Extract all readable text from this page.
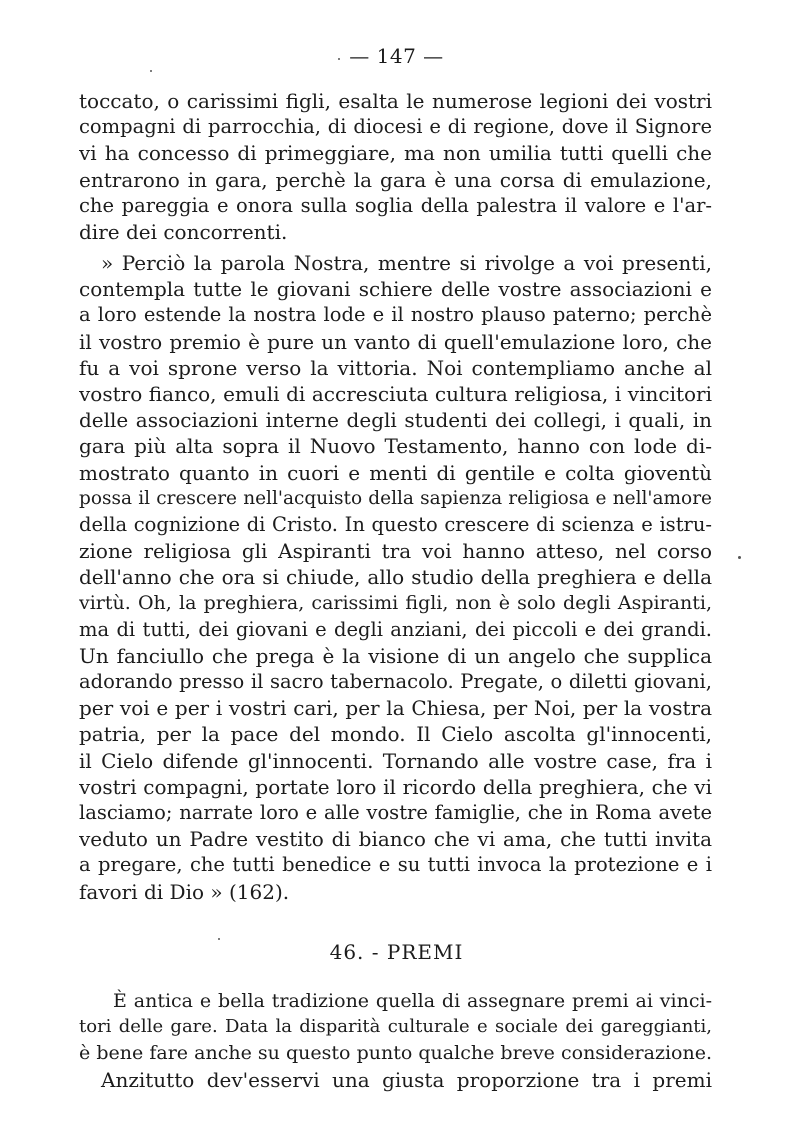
— 147 —
toccato, o carissimi figli, esalta le numerose legioni dei vostri
compagni di parrocchia, di diocesi e di regione, dove il Signore
vi ha concesso di primeggiare, ma non umilia tutti quelli che
entrarono in gara, perchè la gara è una corsa di emulazione,
che pareggia e onora sulla soglia della palestra il valore e l'ar-
dire dei concorrenti.
» Perciò la parola Nostra, mentre si rivolge a voi presenti,
contempla tutte le giovani schiere delle vostre associazioni e
a loro estende la nostra lode e il nostro plauso paterno; perchè
il vostro premio è pure un vanto di quell'emulazione loro, che
fu a voi sprone verso la vittoria. Noi contempliamo anche al
vostro fianco, emuli di accresciuta cultura religiosa, i vincitori
delle associazioni interne degli studenti dei collegi, i quali, in
gara più alta sopra il Nuovo Testamento, hanno con lode di-
mostrato quanto in cuori e menti di gentile e colta gioventù
possa il crescere nell'acquisto della sapienza religiosa e nell'amore
della cognizione di Cristo. In questo crescere di scienza e istru-
zione religiosa gli Aspiranti tra voi hanno atteso, nel corso
dell'anno che ora si chiude, allo studio della preghiera e della
virtù. Oh, la preghiera, carissimi figli, non è solo degli Aspiranti,
ma di tutti, dei giovani e degli anziani, dei piccoli e dei grandi.
Un fanciullo che prega è la visione di un angelo che supplica
adorando presso il sacro tabernacolo. Pregate, o diletti giovani,
per voi e per i vostri cari, per la Chiesa, per Noi, per la vostra
patria, per la pace del mondo. Il Cielo ascolta gl'innocenti,
il Cielo difende gl'innocenti. Tornando alle vostre case, fra i
vostri compagni, portate loro il ricordo della preghiera, che vi
lasciamo; narrate loro e alle vostre famiglie, che in Roma avete
veduto un Padre vestito di bianco che vi ama, che tutti invita
a pregare, che tutti benedice e su tutti invoca la protezione e i
favori di Dio » (162).
46. - PREMI
È antica e bella tradizione quella di assegnare premi ai vinci-
tori delle gare. Data la disparità culturale e sociale dei gareggianti,
è bene fare anche su questo punto qualche breve considerazione.
Anzitutto dev'esservi una giusta proporzione tra i premi
